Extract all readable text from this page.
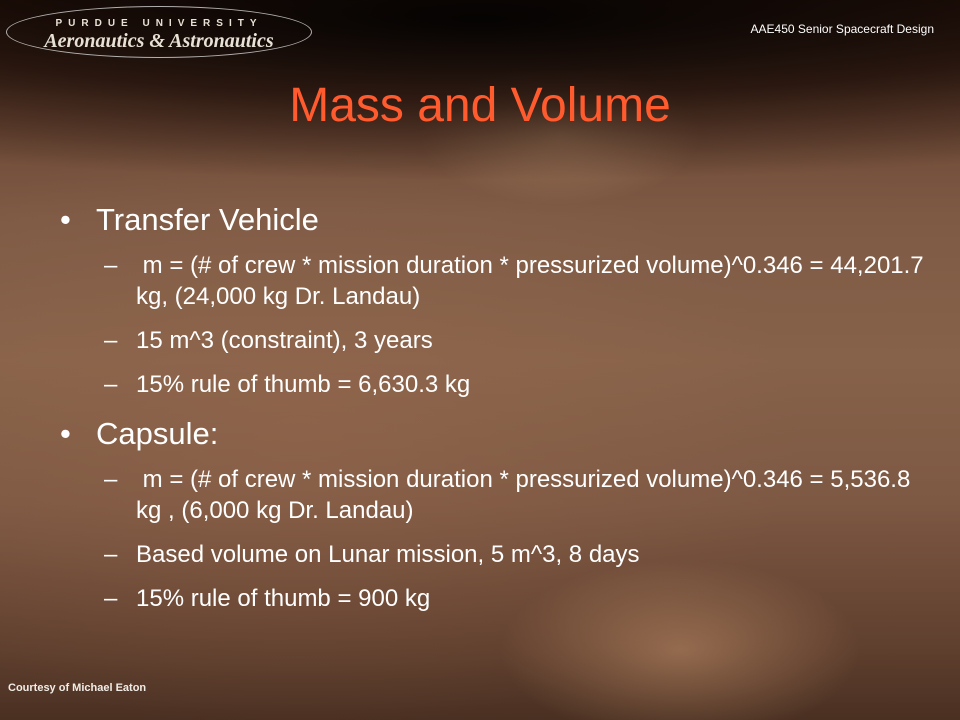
PURDUE UNIVERSITY
Aeronautics & Astronautics
AAE450 Senior Spacecraft Design
Mass and Volume
• Transfer Vehicle
– m = (# of crew * mission duration * pressurized volume)^0.346 = 44,201.7 kg, (24,000 kg Dr. Landau)
– 15 m^3 (constraint), 3 years
– 15% rule of thumb = 6,630.3 kg
• Capsule:
– m = (# of crew * mission duration * pressurized volume)^0.346 = 5,536.8 kg , (6,000 kg Dr. Landau)
– Based volume on Lunar mission, 5 m^3, 8 days
– 15% rule of thumb = 900 kg
Courtesy of Michael Eaton
